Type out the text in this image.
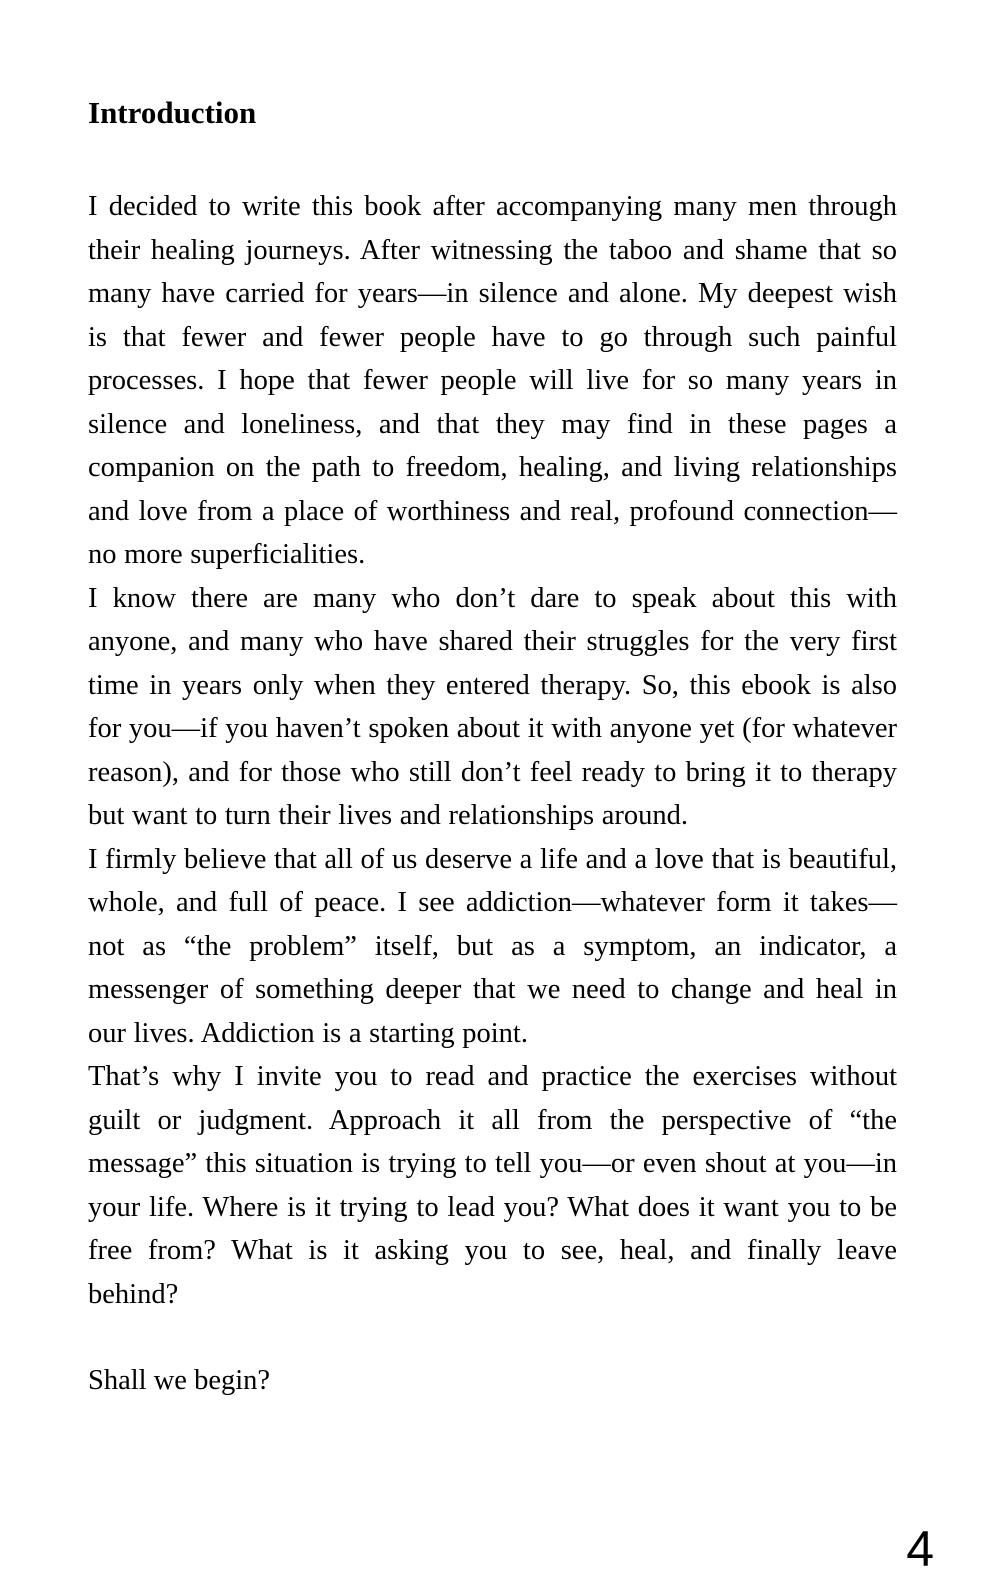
Introduction

I decided to write this book after accompanying many men through their healing journeys. After witnessing the taboo and shame that so many have carried for years—in silence and alone. My deepest wish is that fewer and fewer people have to go through such painful processes. I hope that fewer people will live for so many years in silence and loneliness, and that they may find in these pages a companion on the path to freedom, healing, and living relationships and love from a place of worthiness and real, profound connection—no more superficialities.

I know there are many who don’t dare to speak about this with anyone, and many who have shared their struggles for the very first time in years only when they entered therapy. So, this ebook is also for you—if you haven’t spoken about it with anyone yet (for whatever reason), and for those who still don’t feel ready to bring it to therapy but want to turn their lives and relationships around.

I firmly believe that all of us deserve a life and a love that is beautiful, whole, and full of peace. I see addiction—whatever form it takes—not as “the problem” itself, but as a symptom, an indicator, a messenger of something deeper that we need to change and heal in our lives. Addiction is a starting point.

That’s why I invite you to read and practice the exercises without guilt or judgment. Approach it all from the perspective of “the message” this situation is trying to tell you—or even shout at you—in your life. Where is it trying to lead you? What does it want you to be free from? What is it asking you to see, heal, and finally leave behind?

Shall we begin?

4
